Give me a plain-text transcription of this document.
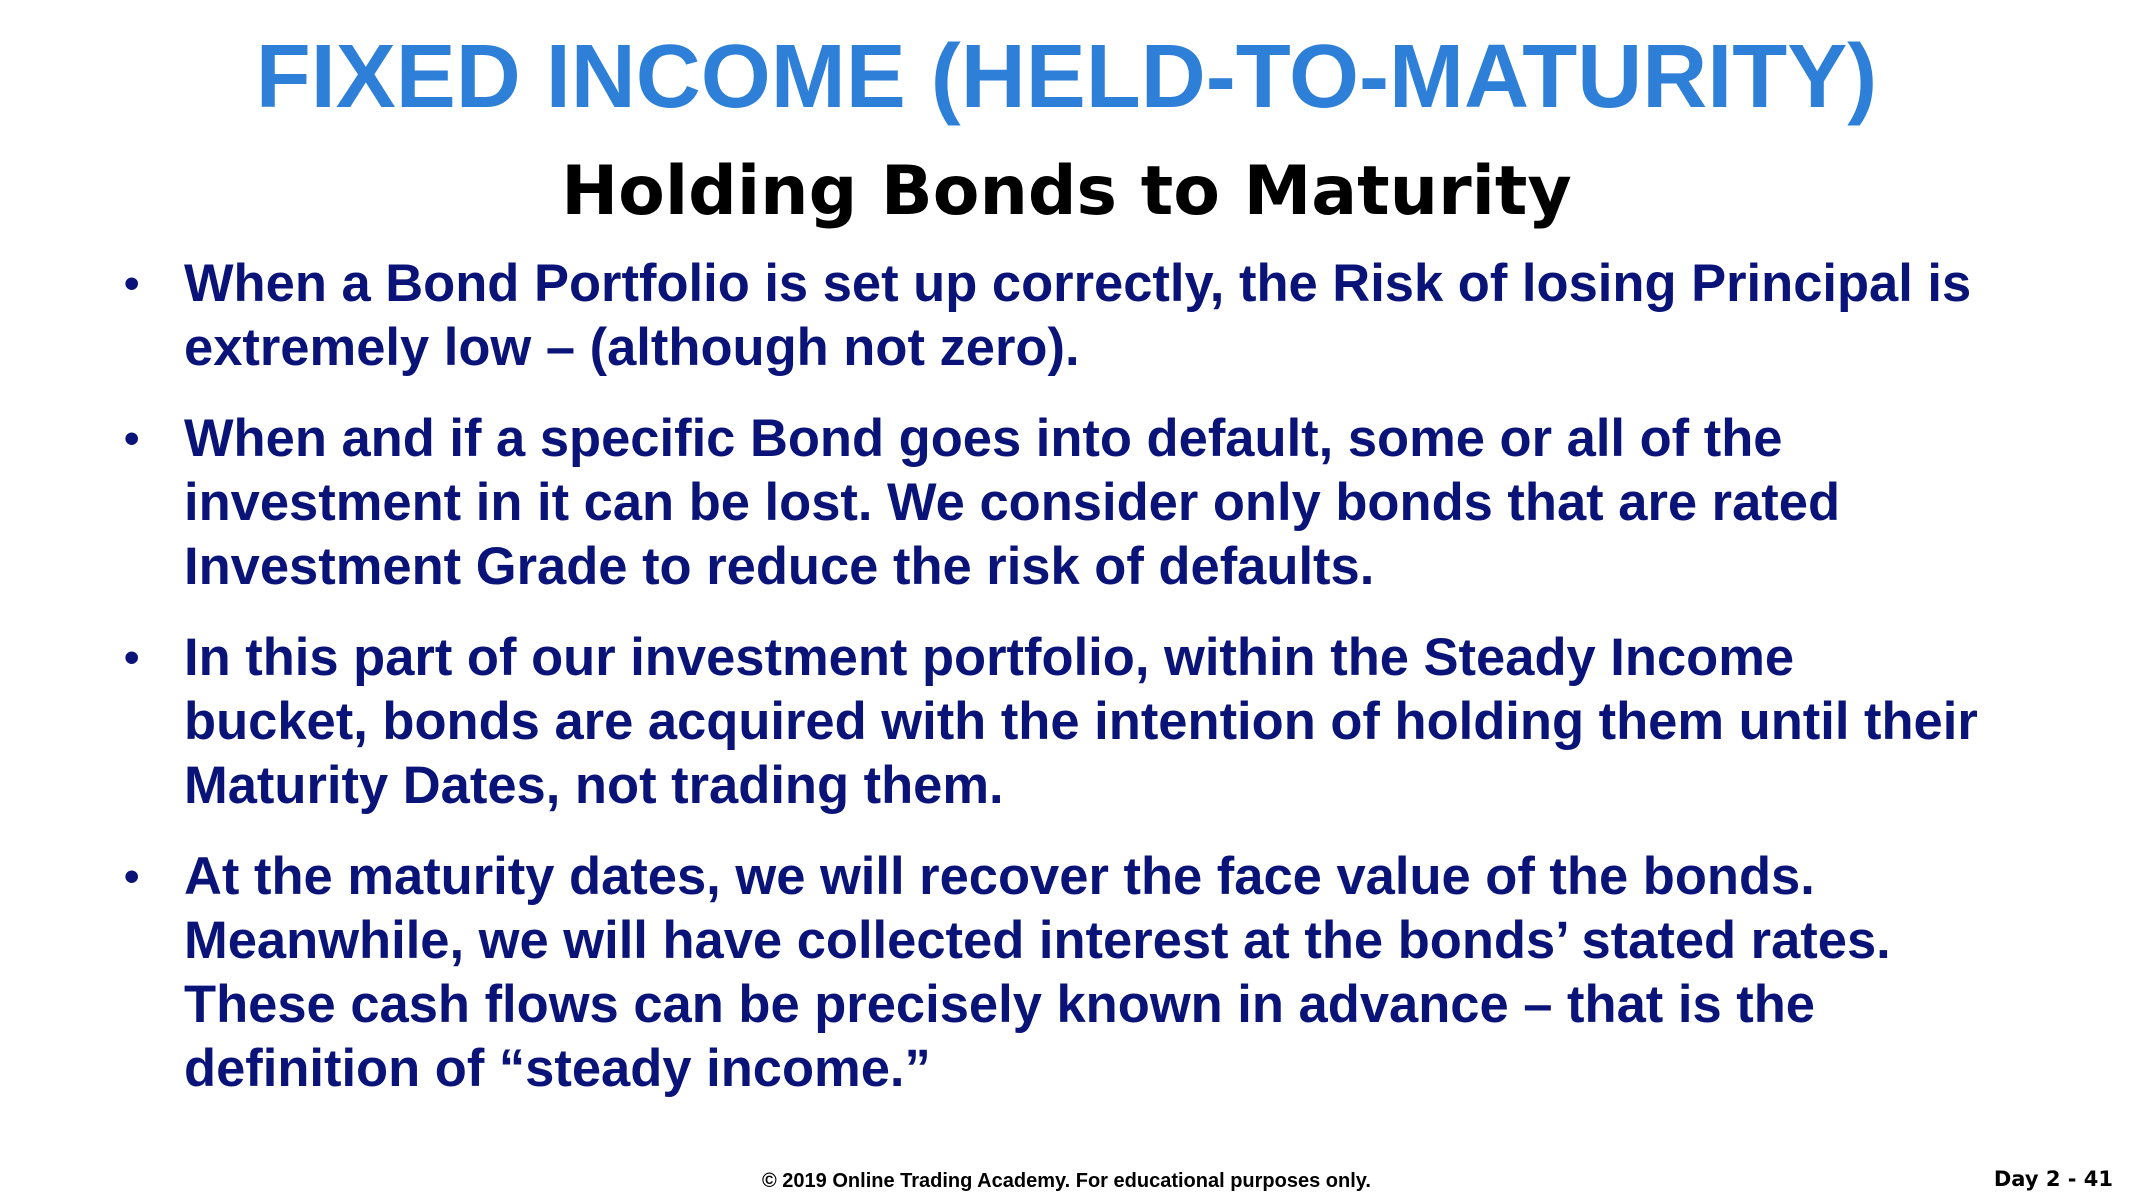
FIXED INCOME (HELD-TO-MATURITY)
Holding Bonds to Maturity
• When a Bond Portfolio is set up correctly, the Risk of losing Principal is
extremely low – (although not zero).
• When and if a specific Bond goes into default, some or all of the
investment in it can be lost. We consider only bonds that are rated
Investment Grade to reduce the risk of defaults.
• In this part of our investment portfolio, within the Steady Income
bucket, bonds are acquired with the intention of holding them until their
Maturity Dates, not trading them.
• At the maturity dates, we will recover the face value of the bonds.
Meanwhile, we will have collected interest at the bonds’ stated rates.
These cash flows can be precisely known in advance – that is the
definition of “steady income.”
© 2019 Online Trading Academy. For educational purposes only.	Day 2 - 41
